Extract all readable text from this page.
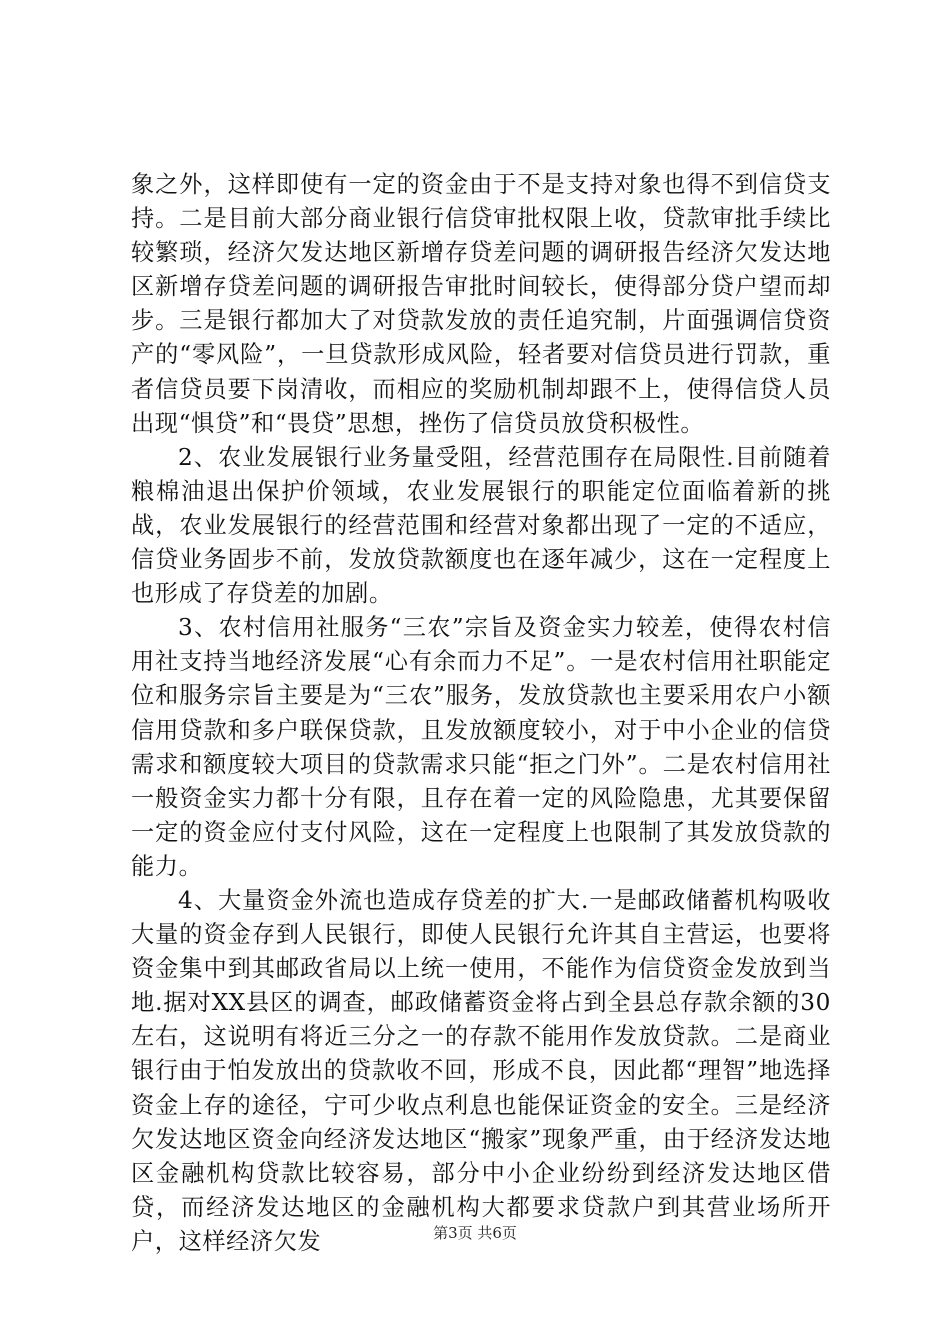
象之外，这样即使有一定的资金由于不是支持对象也得不到信贷支持。二是目前大部分商业银行信贷审批权限上收，贷款审批手续比较繁琐，经济欠发达地区新增存贷差问题的调研报告经济欠发达地区新增存贷差问题的调研报告审批时间较长，使得部分贷户望而却步。三是银行都加大了对贷款发放的责任追究制，片面强调信贷资产的“零风险”，一旦贷款形成风险，轻者要对信贷员进行罚款，重者信贷员要下岗清收，而相应的奖励机制却跟不上，使得信贷人员出现“惧贷”和“畏贷”思想，挫伤了信贷员放贷积极性。

2、农业发展银行业务量受阻，经营范围存在局限性.目前随着粮棉油退出保护价领域，农业发展银行的职能定位面临着新的挑战，农业发展银行的经营范围和经营对象都出现了一定的不适应，信贷业务固步不前，发放贷款额度也在逐年减少，这在一定程度上也形成了存贷差的加剧。

3、农村信用社服务“三农”宗旨及资金实力较差，使得农村信用社支持当地经济发展“心有余而力不足”。一是农村信用社职能定位和服务宗旨主要是为“三农”服务，发放贷款也主要采用农户小额信用贷款和多户联保贷款，且发放额度较小，对于中小企业的信贷需求和额度较大项目的贷款需求只能“拒之门外”。二是农村信用社一般资金实力都十分有限，且存在着一定的风险隐患，尤其要保留一定的资金应付支付风险，这在一定程度上也限制了其发放贷款的能力。

4、大量资金外流也造成存贷差的扩大.一是邮政储蓄机构吸收大量的资金存到人民银行，即使人民银行允许其自主营运，也要将资金集中到其邮政省局以上统一使用，不能作为信贷资金发放到当地.据对XX县区的调查，邮政储蓄资金将占到全县总存款余额的30左右，这说明有将近三分之一的存款不能用作发放贷款。二是商业银行由于怕发放出的贷款收不回，形成不良，因此都“理智”地选择资金上存的途径，宁可少收点利息也能保证资金的安全。三是经济欠发达地区资金向经济发达地区“搬家”现象严重，由于经济发达地区金融机构贷款比较容易，部分中小企业纷纷到经济发达地区借贷，而经济发达地区的金融机构大都要求贷款户到其营业场所开户，这样经济欠发	第3页 共6页
